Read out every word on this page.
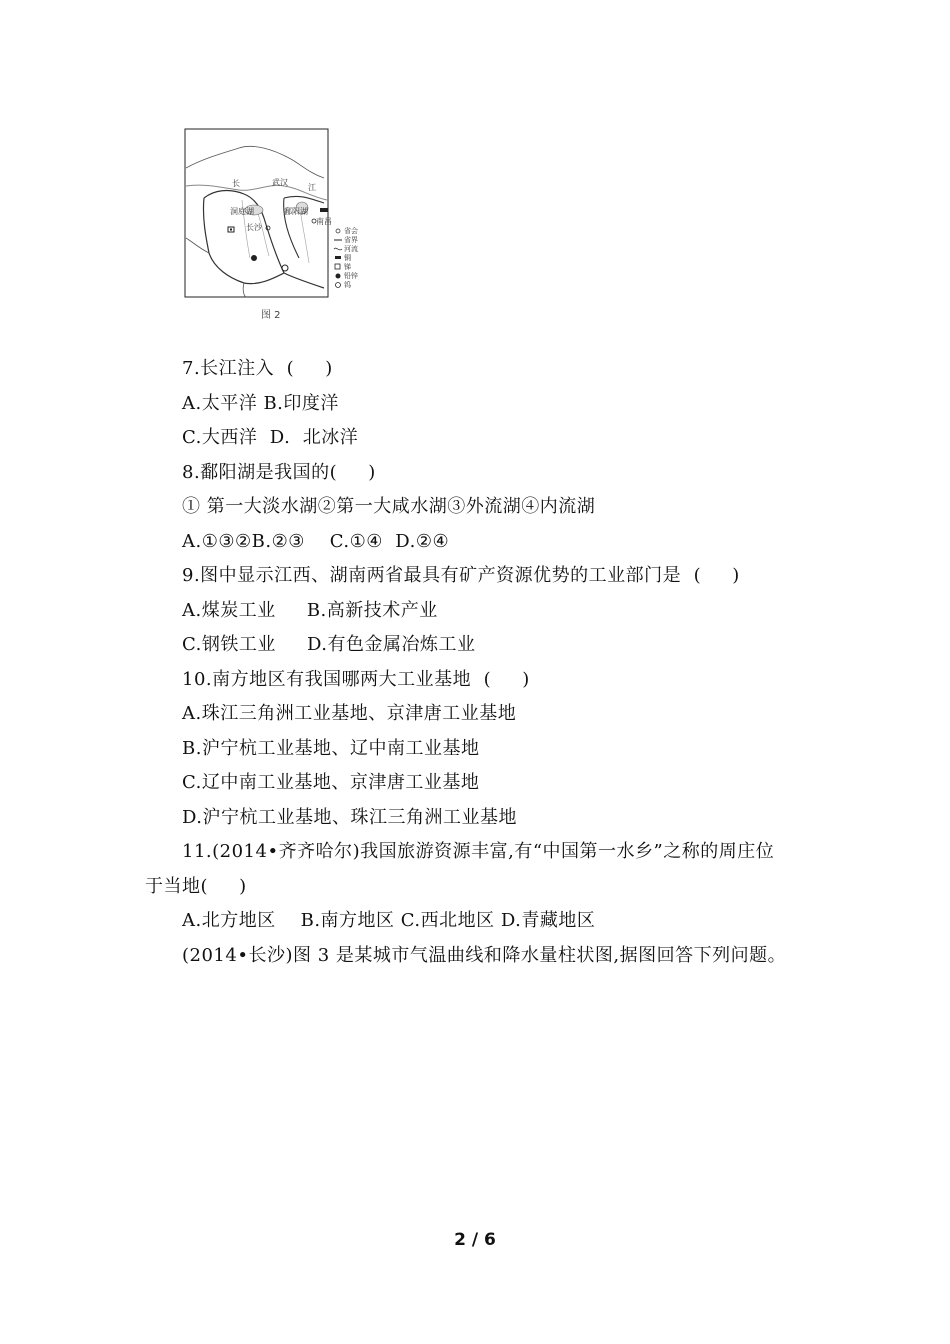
长	武汉
江
洞庭湖	鄱阳湖
长沙
南昌
省会
省界
河流
铜
锑
铅锌
钨
图 2
7.长江注入  (     )
A.太平洋 B.印度洋
C.大西洋  D.  北冰洋
8.鄱阳湖是我国的(     )
① 第一大淡水湖②第一大咸水湖③外流湖④内流湖
A.①③②B.②③    C.①④  D.②④
9.图中显示江西、湖南两省最具有矿产资源优势的工业部门是  (     )
A.煤炭工业     B.高新技术产业
C.钢铁工业     D.有色金属冶炼工业
10.南方地区有我国哪两大工业基地  (     )
A.珠江三角洲工业基地、京津唐工业基地
B.沪宁杭工业基地、辽中南工业基地
C.辽中南工业基地、京津唐工业基地
D.沪宁杭工业基地、珠江三角洲工业基地
11.(2014•齐齐哈尔)我国旅游资源丰富,有“中国第一水乡”之称的周庄位
于当地(     )
A.北方地区    B.南方地区 C.西北地区 D.青藏地区
(2014•长沙)图 3 是某城市气温曲线和降水量柱状图,据图回答下列问题。
2 / 6
